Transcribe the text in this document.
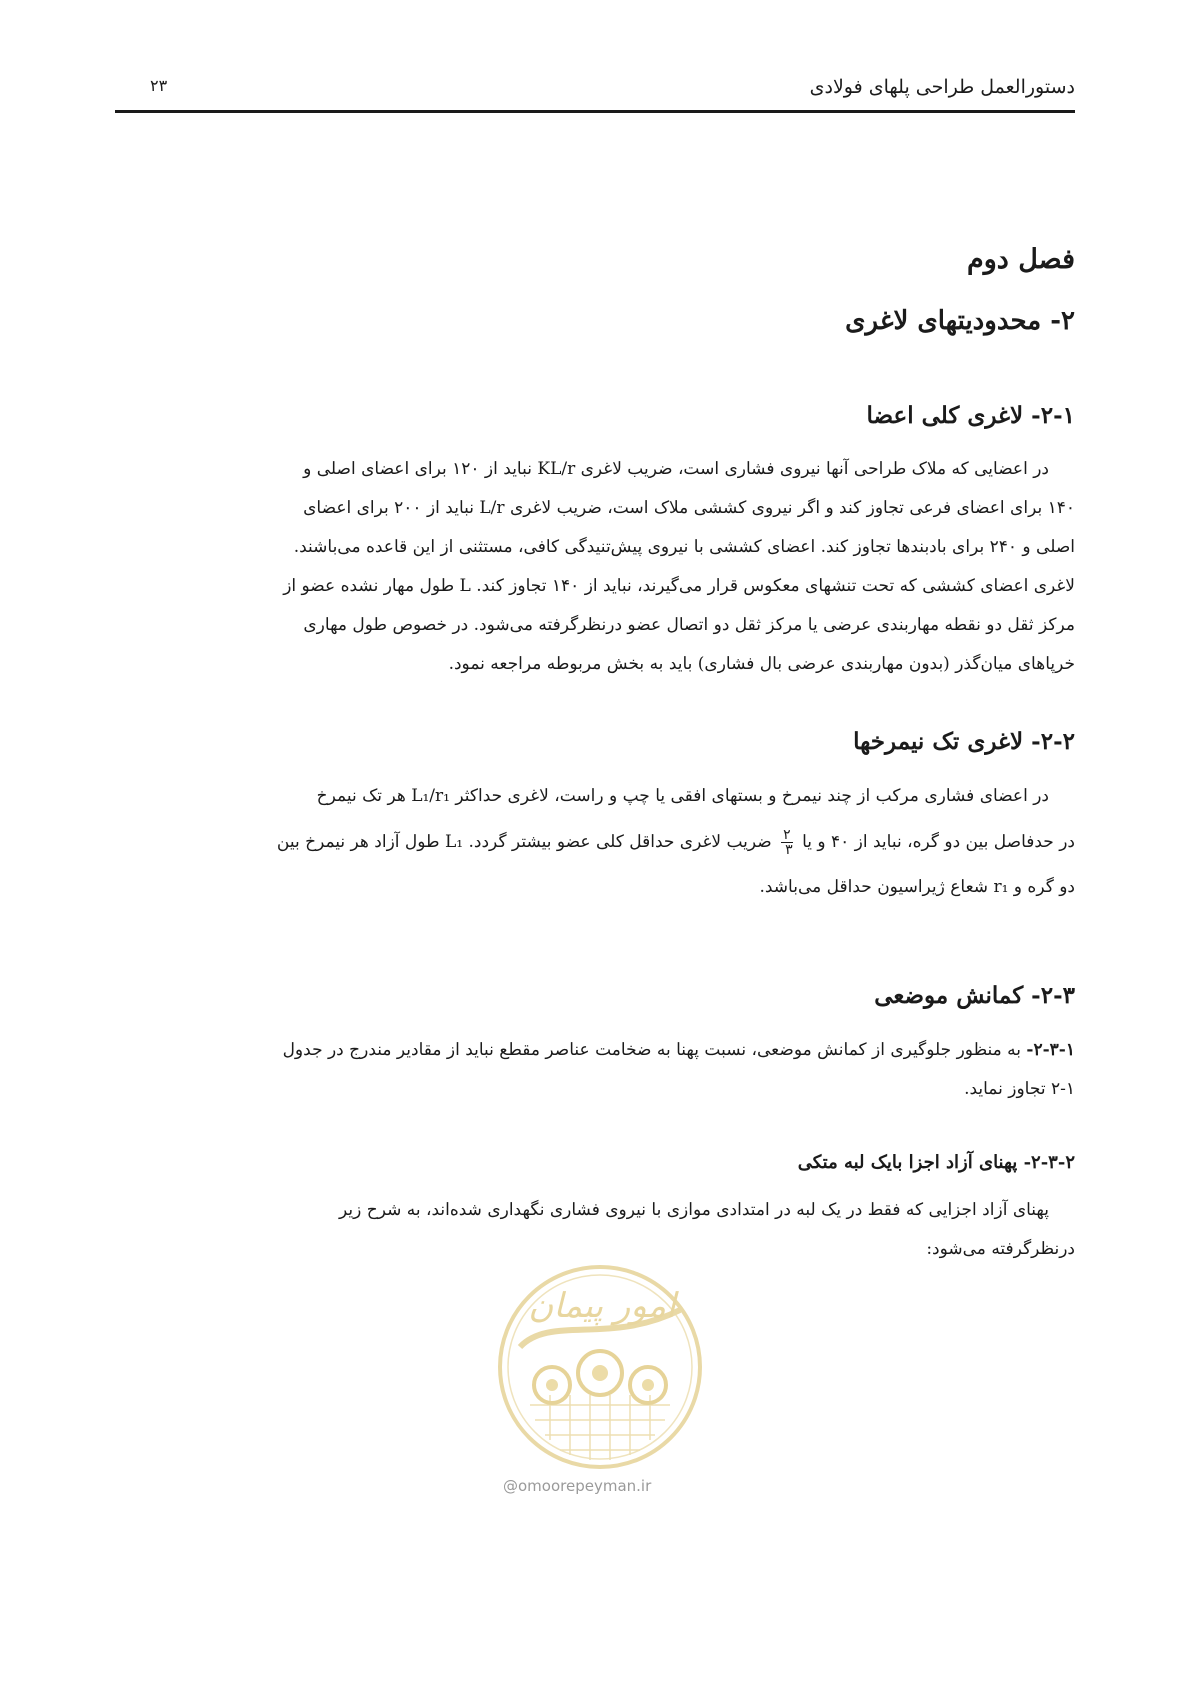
دستورالعمل طراحی پلهای فولادی
۲۳
فصل دوم
۲- محدودیتهای لاغری
۲-۱- لاغری کلی اعضا
در اعضایی که ملاک طراحی آنها نیروی فشاری است، ضریب لاغری KL/r نباید از ۱۲۰ برای اعضای اصلی و
۱۴۰ برای اعضای فرعی تجاوز کند و اگر نیروی کششی ملاک است، ضریب لاغری L/r نباید از ۲۰۰ برای اعضای
اصلی و ۲۴۰ برای بادبندها تجاوز کند. اعضای کششی با نیروی پیش‌تنیدگی کافی، مستثنی از این قاعده می‌باشند.
لاغری اعضای کششی که تحت تنشهای معکوس قرار می‌گیرند، نباید از ۱۴۰ تجاوز کند. L طول مهار نشده عضو از
مرکز ثقل دو نقطه مهاربندی عرضی یا مرکز ثقل دو اتصال عضو درنظرگرفته می‌شود. در خصوص طول مهاری
خرپاهای میان‌گذر (بدون مهاربندی عرضی بال فشاری) باید به بخش مربوطه مراجعه نمود.
۲-۲- لاغری تک نیمرخها
در اعضای فشاری مرکب از چند نیمرخ و بستهای افقی یا چپ و راست، لاغری حداکثر L₁/r₁ هر تک نیمرخ
در حدفاصل بین دو گره، نباید از ۴۰ و یا
$\frac{۲}{۳}$
ضریب لاغری حداقل کلی عضو بیشتر گردد. L₁ طول آزاد هر نیمرخ بین
دو گره و r₁ شعاع ژیراسیون حداقل می‌باشد.
۲-۳- کمانش موضعی
۲-۳-۱- به منظور جلوگیری از کمانش موضعی، نسبت پهنا به ضخامت عناصر مقطع نباید از مقادیر مندرج در جدول
۲-۱ تجاوز نماید.
۲-۳-۲- پهنای آزاد اجزا بایک لبه متکی
پهنای آزاد اجزایی که فقط در یک لبه در امتدادی موازی با نیروی فشاری نگهداری شده‌اند، به شرح زیر
درنظرگرفته می‌شود:
امور پیمان
@omoorepeyman.ir
